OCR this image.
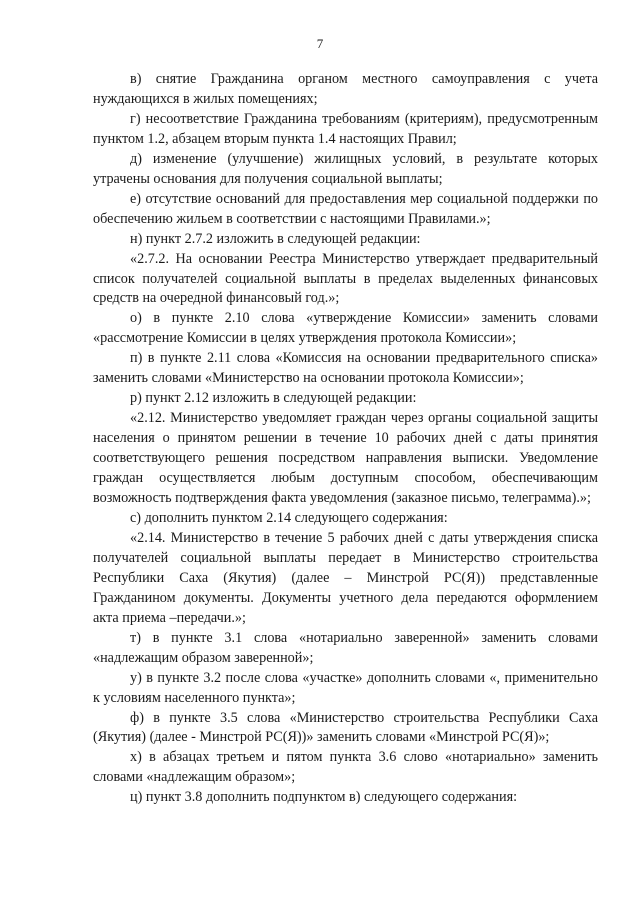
7

в) снятие Гражданина органом местного самоуправления с учета нуждающихся в жилых помещениях;

г) несоответствие Гражданина требованиям (критериям), предусмотренным пунктом 1.2, абзацем вторым пункта 1.4 настоящих Правил;

д) изменение (улучшение) жилищных условий, в результате которых утрачены основания для получения социальной выплаты;

е) отсутствие оснований для предоставления мер социальной поддержки по обеспечению жильем в соответствии с настоящими Правилами.»;

н) пункт 2.7.2 изложить в следующей редакции:

«2.7.2. На основании Реестра Министерство утверждает предварительный список получателей социальной выплаты в пределах выделенных финансовых средств на очередной финансовый год.»;

о) в пункте 2.10 слова «утверждение Комиссии» заменить словами «рассмотрение Комиссии в целях утверждения протокола Комиссии»;

п) в пункте 2.11 слова «Комиссия на основании предварительного списка» заменить словами «Министерство на основании протокола Комиссии»;

р) пункт 2.12 изложить в следующей редакции:

«2.12. Министерство уведомляет граждан через органы социальной защиты населения о принятом решении в течение 10 рабочих дней с даты принятия соответствующего решения посредством направления выписки. Уведомление граждан осуществляется любым доступным способом, обеспечивающим возможность подтверждения факта уведомления (заказное письмо, телеграмма).»;

с) дополнить пунктом 2.14 следующего содержания:

«2.14. Министерство в течение 5 рабочих дней с даты утверждения списка получателей социальной выплаты передает в Министерство строительства Республики Саха (Якутия) (далее – Минстрой РС(Я)) представленные Гражданином документы. Документы учетного дела передаются оформлением акта приема –передачи.»;

т) в пункте 3.1 слова «нотариально заверенной» заменить словами «надлежащим образом заверенной»;

у) в пункте 3.2 после слова «участке» дополнить словами «, применительно к условиям населенного пункта»;

ф) в пункте 3.5 слова «Министерство строительства Республики Саха (Якутия) (далее - Минстрой РС(Я))» заменить словами «Минстрой РС(Я)»;

х) в абзацах третьем и пятом пункта 3.6 слово «нотариально» заменить словами «надлежащим образом»;

ц) пункт 3.8 дополнить подпунктом в) следующего содержания:
